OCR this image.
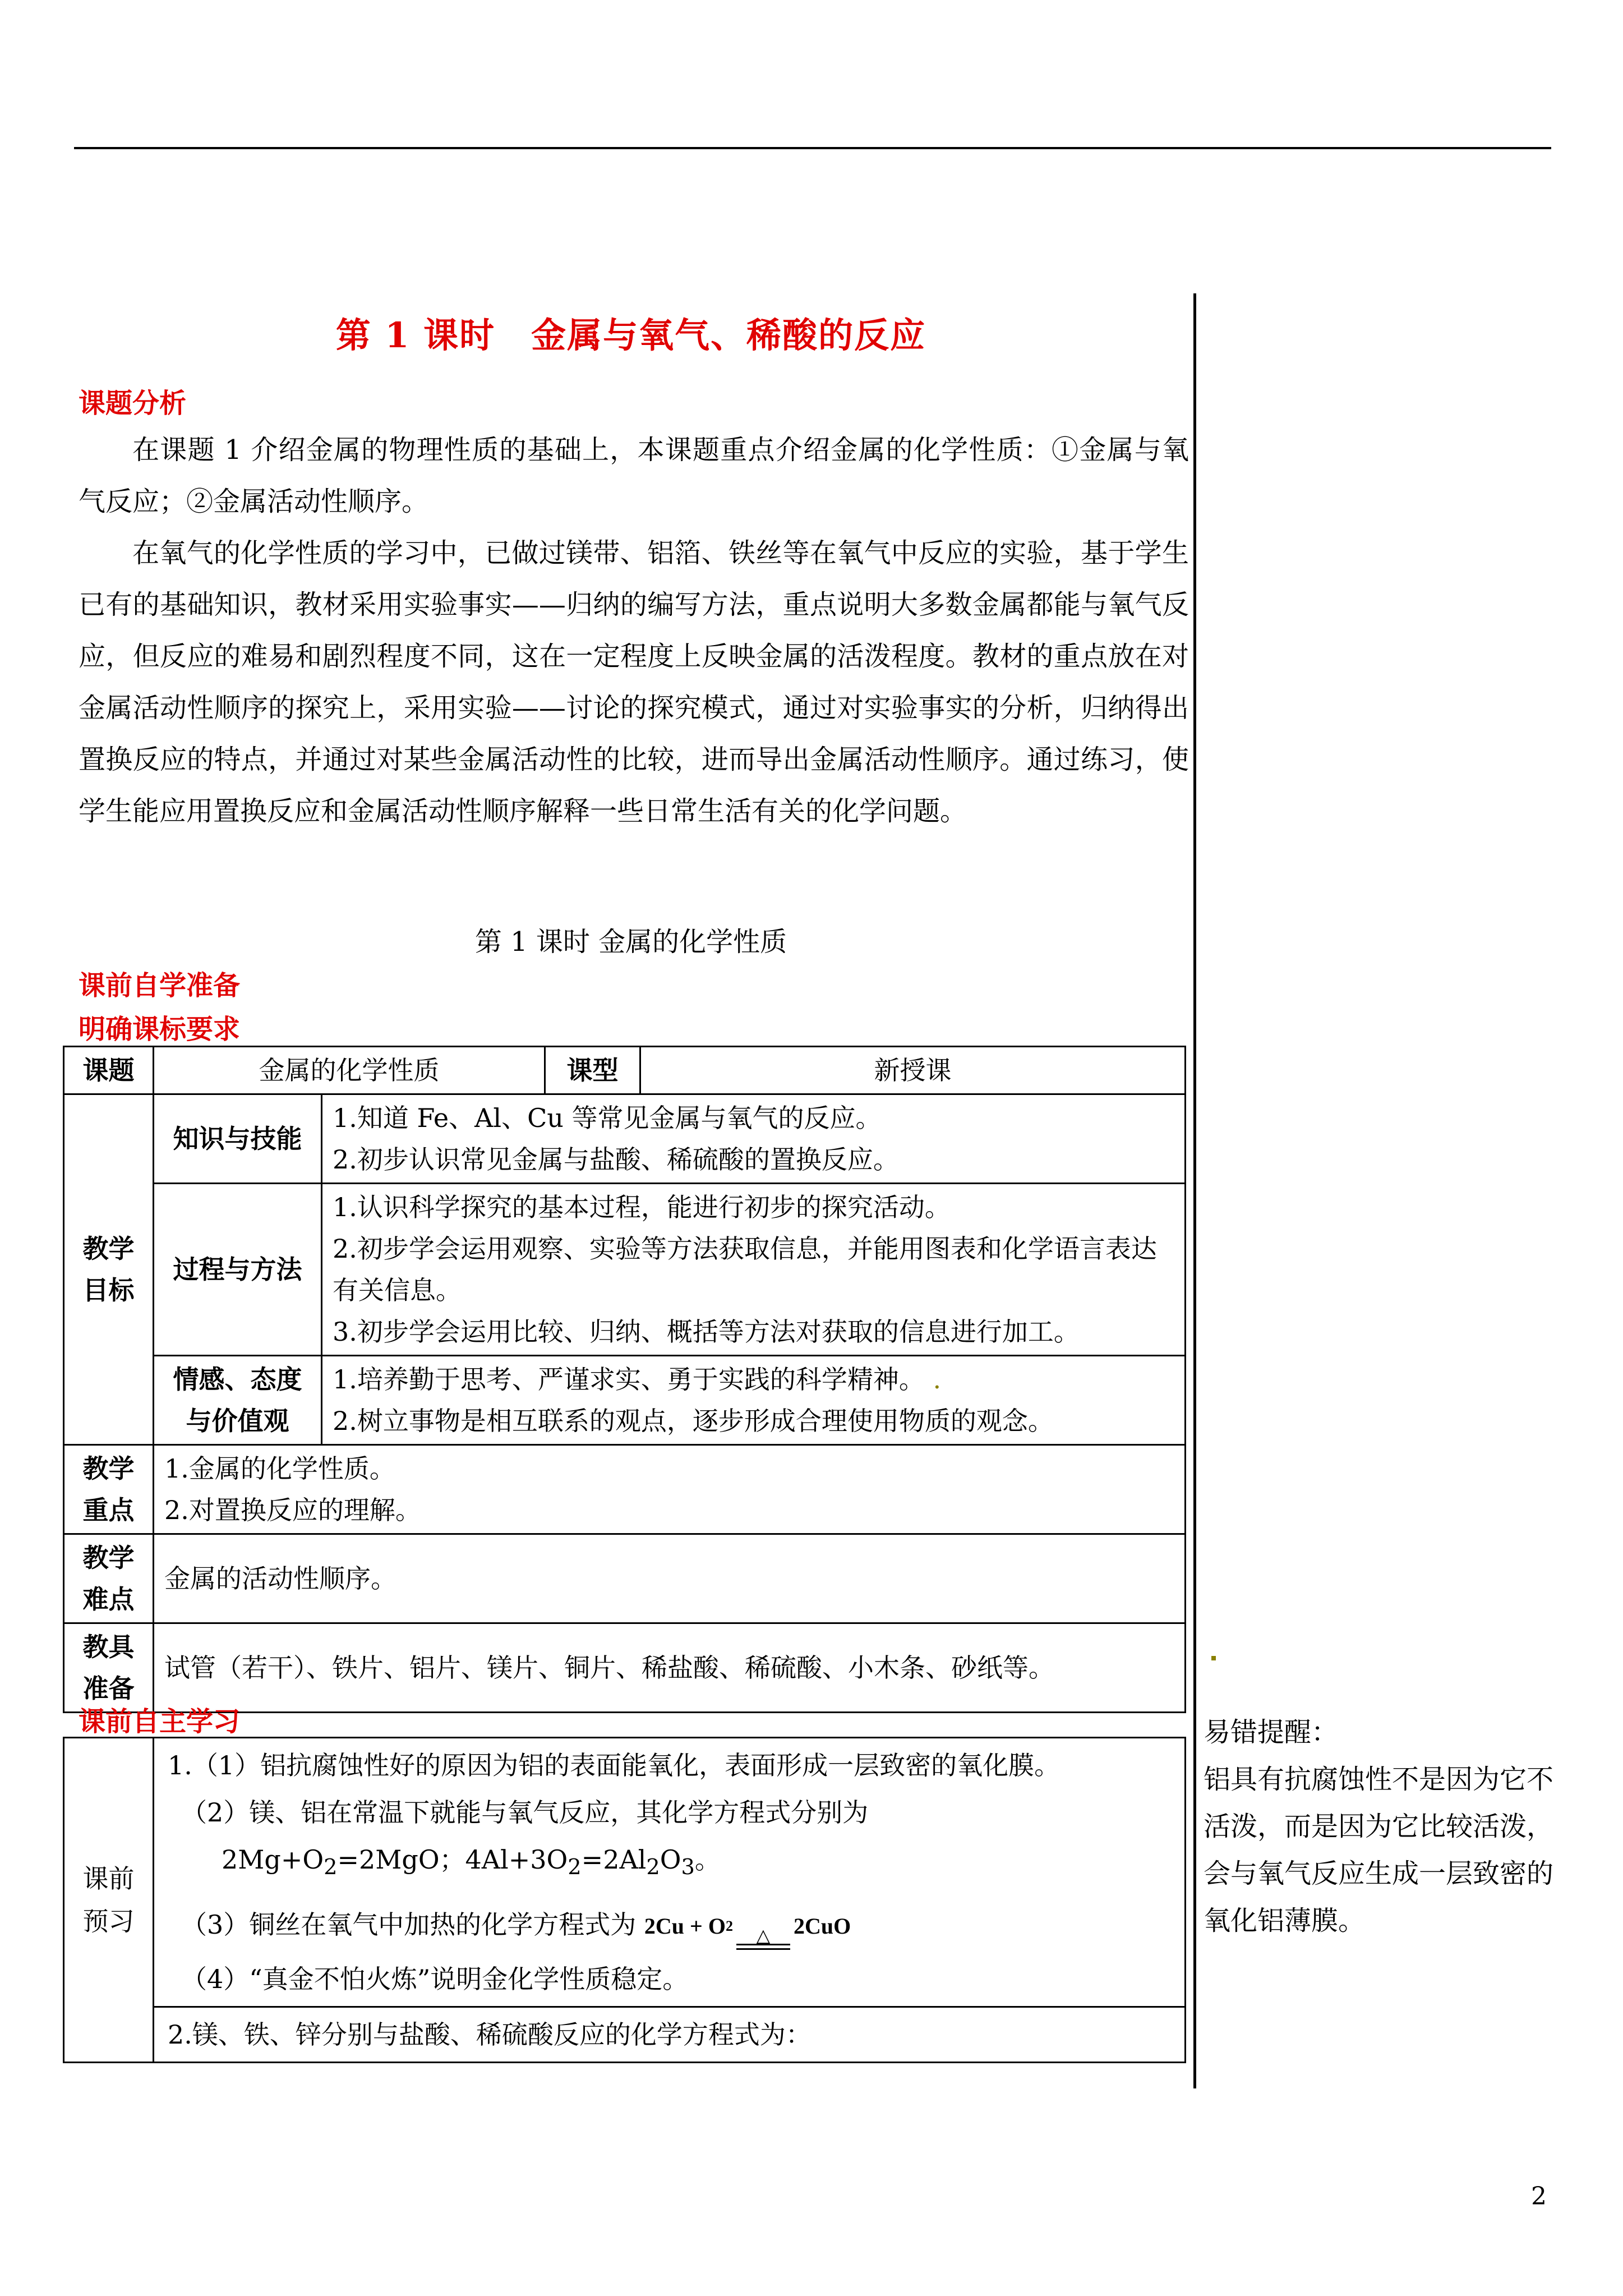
第 1 课时　金属与氧气、稀酸的反应
课题分析
在课题 1 介绍金属的物理性质的基础上，本课题重点介绍金属的化学性质：①金属与氧气反应；②金属活动性顺序。
在氧气的化学性质的学习中，已做过镁带、铝箔、铁丝等在氧气中反应的实验，基于学生已有的基础知识，教材采用实验事实——归纳的编写方法，重点说明大多数金属都能与氧气反应，但反应的难易和剧烈程度不同，这在一定程度上反映金属的活泼程度。教材的重点放在对金属活动性顺序的探究上，采用实验——讨论的探究模式，通过对实验事实的分析，归纳得出置换反应的特点，并通过对某些金属活动性的比较，进而导出金属活动性顺序。通过练习，使学生能应用置换反应和金属活动性顺序解释一些日常生活有关的化学问题。
第 1 课时 金属的化学性质
课前自学准备
明确课标要求
课题	金属的化学性质		课型	新授课
教学目标	知识与技能	1.知道 Fe、Al、Cu 等常见金属与氧气的反应。
2.初步认识常见金属与盐酸、稀硫酸的置换反应。		

	过程与方法	1.认识科学探究的基本过程，能进行初步的探究活动。
2.初步学会运用观察、实验等方法获取信息，并能用图表和化学语言表达有关信息。
3.初步学会运用比较、归纳、概括等方法对获取的信息进行加工。		

	情感、态度与价值观	1.培养勤于思考、严谨求实、勇于实践的科学精神。 .
2.树立事物是相互联系的观点，逐步形成合理使用物质的观念。		

教学重点	1.金属的化学性质。
2.对置换反应的理解。			

教学难点	金属的活动性顺序。			
教具准备	试管（若干）、铁片、铝片、镁片、铜片、稀盐酸、稀硫酸、小木条、砂纸等。			
课前自主学习
课前预习

1.（1）铝抗腐蚀性好的原因为铝的表面能氧化，表面形成一层致密的氧化膜。
（2）镁、铝在常温下就能与氧气反应，其化学方程式分别为
$2Mg+O_2=2MgO$；$4Al+3O_2=2Al_2O_3$。
（3）铜丝在氧气中加热的化学方程式为 2Cu + O 2 △ 2CuO
（4）“真金不怕火炼”说明金化学性质稳定。

2.镁、铁、锌分别与盐酸、稀硫酸反应的化学方程式为：
易错提醒：
铝具有抗腐蚀性不是因为它不活泼，而是因为它比较活泼，会与氧气反应生成一层致密的氧化铝薄膜。
2
